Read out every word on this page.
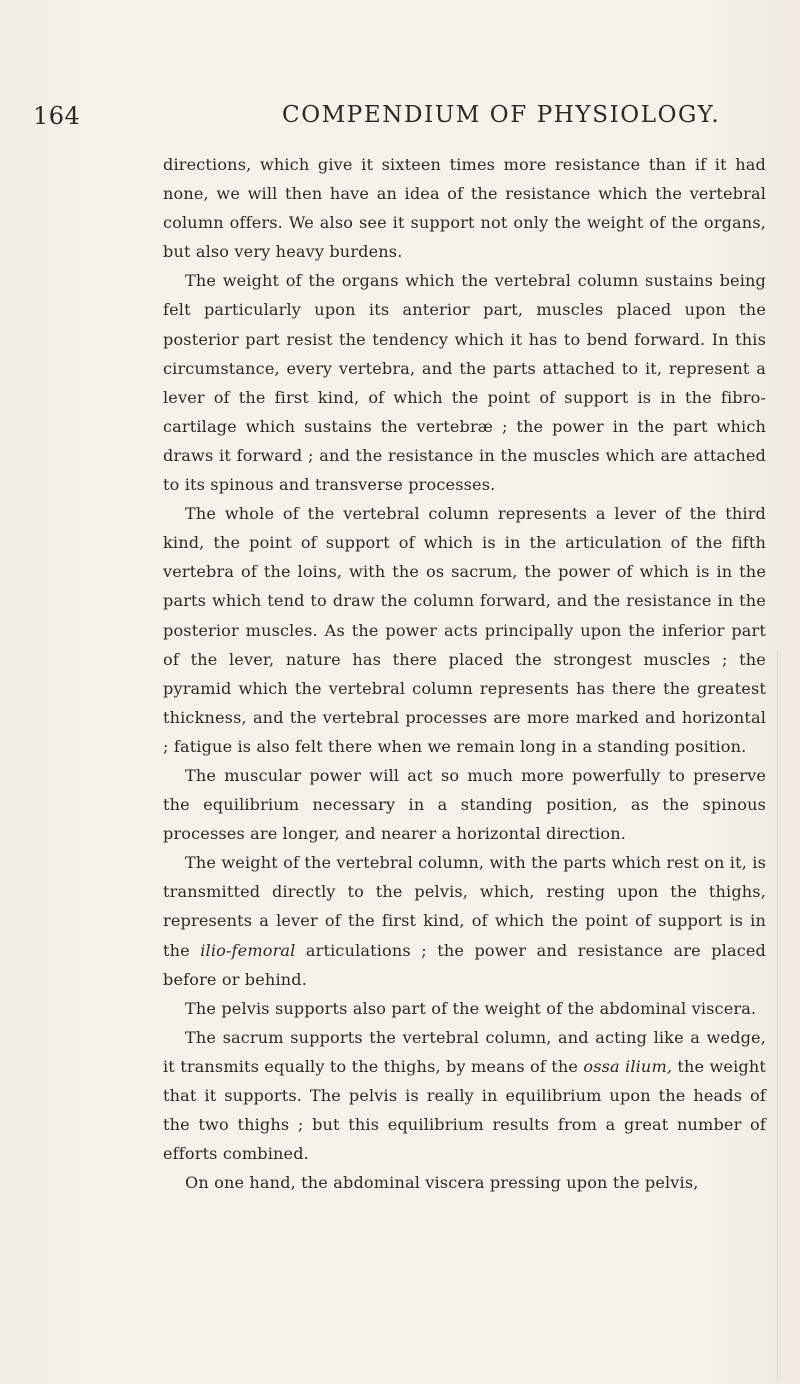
164	COMPENDIUM OF PHYSIOLOGY.

directions, which give it sixteen times more resistance than if it had none, we will then have an idea of the resistance which the vertebral column offers. We also see it support not only the weight of the organs, but also very heavy burdens.

The weight of the organs which the vertebral column sustains being felt particularly upon its anterior part, muscles placed upon the posterior part resist the tendency which it has to bend forward. In this circumstance, every vertebra, and the parts attached to it, represent a lever of the first kind, of which the point of support is in the fibro-cartilage which sustains the vertebræ ; the power in the part which draws it forward ; and the resistance in the muscles which are attached to its spinous and transverse processes.

The whole of the vertebral column represents a lever of the third kind, the point of support of which is in the articulation of the fifth vertebra of the loins, with the os sacrum, the power of which is in the parts which tend to draw the column forward, and the resistance in the posterior muscles. As the power acts principally upon the inferior part of the lever, nature has there placed the strongest muscles ; the pyramid which the vertebral column represents has there the greatest thickness, and the vertebral processes are more marked and horizontal ; fatigue is also felt there when we remain long in a standing position.

The muscular power will act so much more powerfully to preserve the equilibrium necessary in a standing position, as the spinous processes are longer, and nearer a horizontal direction.

The weight of the vertebral column, with the parts which rest on it, is transmitted directly to the pelvis, which, resting upon the thighs, represents a lever of the first kind, of which the point of support is in the ilio-femoral articulations ; the power and resistance are placed before or behind.

The pelvis supports also part of the weight of the abdominal viscera.

The sacrum supports the vertebral column, and acting like a wedge, it transmits equally to the thighs, by means of the ossa ilium, the weight that it supports. The pelvis is really in equilibrium upon the heads of the two thighs ; but this equilibrium results from a great number of efforts combined.

On one hand, the abdominal viscera pressing upon the pelvis,
